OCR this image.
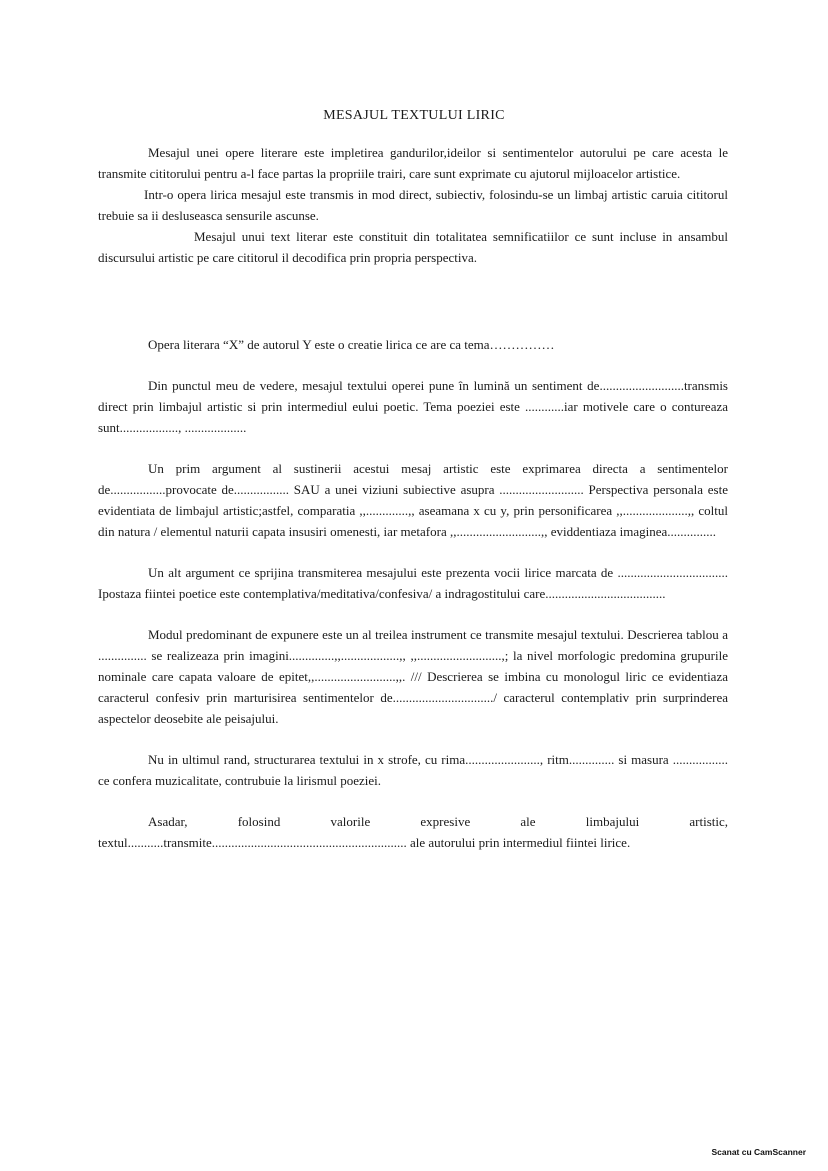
MESAJUL TEXTULUI LIRIC

Mesajul unei opere literare este impletirea gandurilor,ideilor si sentimentelor autorului pe care acesta le transmite cititorului pentru a-l face partas la propriile trairi, care sunt exprimate cu ajutorul mijloacelor artistice.

Intr-o opera lirica mesajul este transmis in mod direct, subiectiv, folosindu-se un limbaj artistic caruia cititorul trebuie sa ii desluseasca sensurile ascunse.

Mesajul unui text literar este constituit din totalitatea semnificatiilor ce sunt incluse in ansambul discursului artistic pe care cititorul il decodifica prin propria perspectiva.

Opera literara “X” de autorul Y este o creatie lirica ce are ca tema……………

Din punctul meu de vedere, mesajul textului operei pune în lumină un sentiment de..........................transmis direct prin limbajul artistic si prin intermediul eului poetic. Tema poeziei este ............iar motivele care o contureaza sunt.................., ...................

Un prim argument al sustinerii acestui mesaj artistic este exprimarea directa a sentimentelor de.................provocate de................. SAU a unei viziuni subiective asupra .......................... Perspectiva personala este evidentiata de limbajul artistic;astfel, comparatia ,,.............,, aseamana x cu y, prin personificarea ,,....................,, coltul din natura / elementul naturii capata insusiri omenesti, iar metafora ,,..........................,, eviddentiaza imaginea...............

Un alt argument ce sprijina transmiterea mesajului este prezenta vocii lirice marcata de .................................. Ipostaza fiintei poetice este contemplativa/meditativa/confesiva/ a indragostitului care.....................................

Modul predominant de expunere este un al treilea instrument ce transmite mesajul textului. Descrierea tablou a ............... se realizeaza prin imagini..............,,..................,, ,,..........................,; la nivel morfologic predomina grupurile nominale care capata valoare de epitet,,.........................,,. /// Descrierea se imbina cu monologul liric ce evidentiaza caracterul confesiv prin marturisirea sentimentelor de.............................../ caracterul contemplativ prin surprinderea aspectelor deosebite ale peisajului.

Nu in ultimul rand, structurarea textului in x strofe, cu rima......................., ritm.............. si masura ................. ce confera muzicalitate, contrubuie la lirismul poeziei.

Asadar, folosind valorile expresive ale limbajului artistic, textul...........transmite............................................................ ale autorului prin intermediul fiintei lirice.

Scanat cu CamScanner
